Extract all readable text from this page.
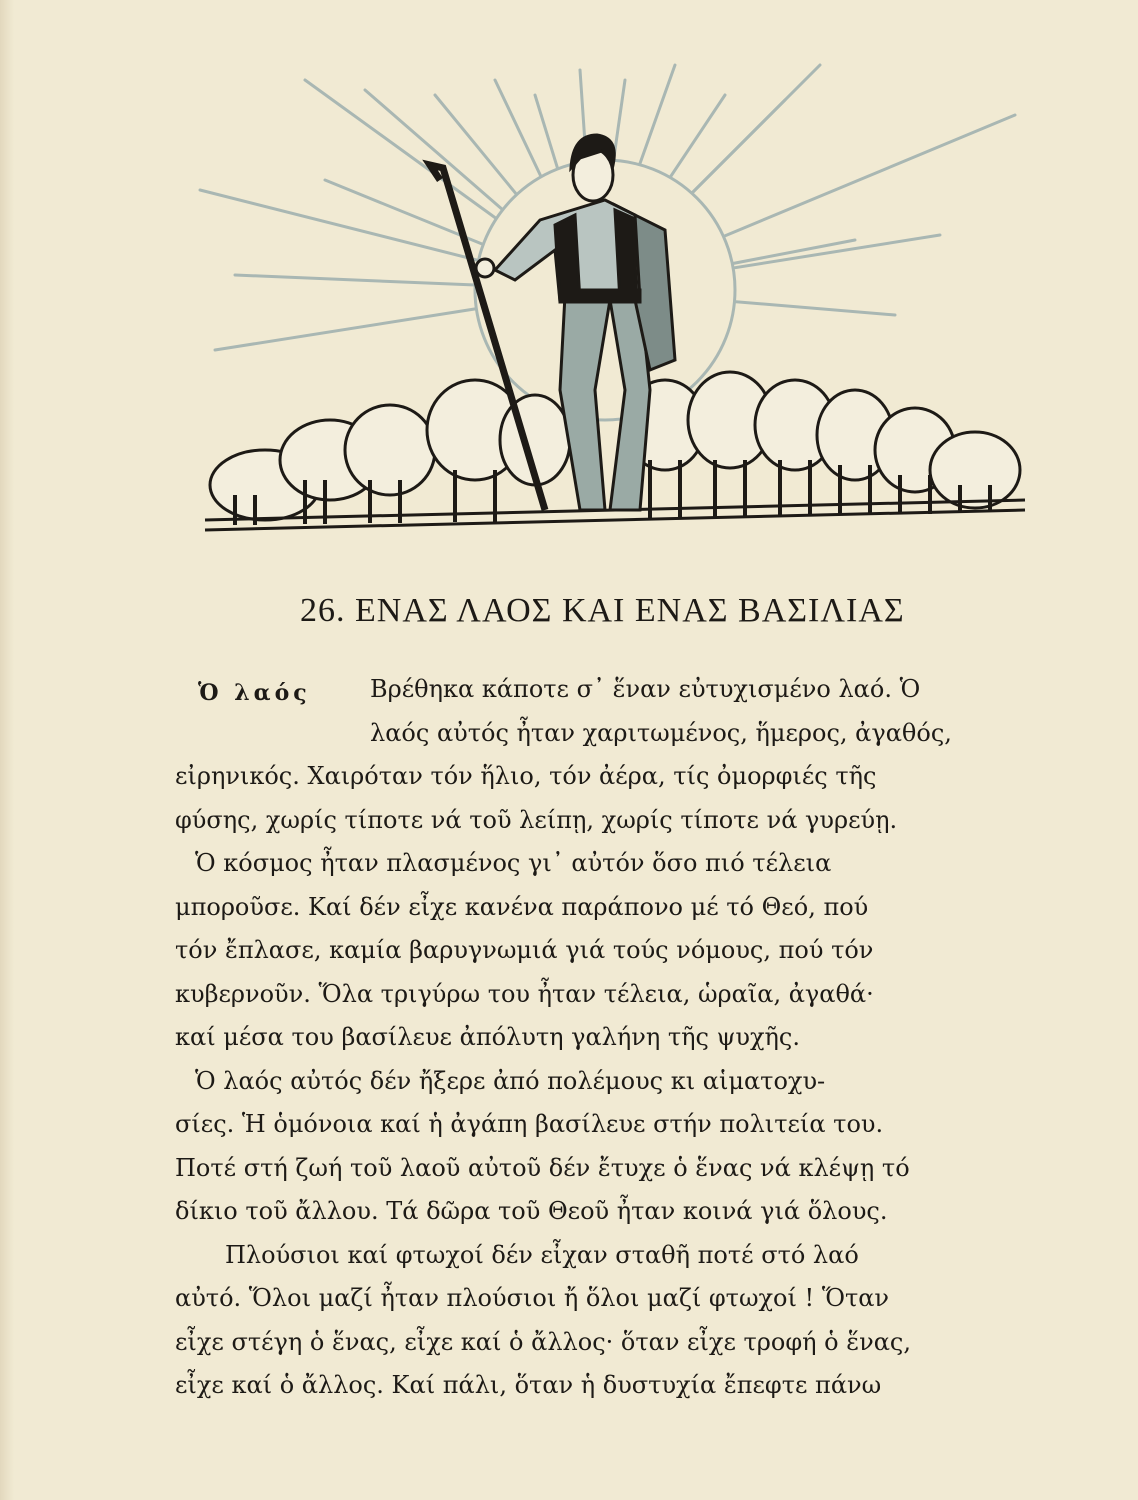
26. ΕΝΑΣ ΛΑΟΣ ΚΑΙ ΕΝΑΣ ΒΑΣΙΛΙΑΣ
Ὁ λαός	Βρέθηκα κάποτε σ᾿ ἕναν εὐτυχισμένο λαό. Ὁ
λαός αὐτός ἦταν χαριτωμένος, ἥμερος, ἀγαθός,
εἰρηνικός. Χαιρόταν τόν ἥλιο, τόν ἀέρα, τίς ὀμορφιές τῆς
φύσης, χωρίς τίποτε νά τοῦ λείπῃ, χωρίς τίποτε νά γυρεύῃ.
Ὁ κόσμος ἦταν πλασμένος γι᾿ αὐτόν ὅσο πιό τέλεια
μποροῦσε. Καί δέν εἶχε κανένα παράπονο μέ τό Θεό, πού
τόν ἔπλασε, καμία βαρυγνωμιά γιά τούς νόμους, πού τόν
κυβερνοῦν. Ὅλα τριγύρω του ἦταν τέλεια, ὡραῖα, ἀγαθά·
καί μέσα του βασίλευε ἀπόλυτη γαλήνη τῆς ψυχῆς.
Ὁ λαός αὐτός δέν ἤξερε ἀπό πολέμους κι αἱματοχυ-
σίες. Ἡ ὁμόνοια καί ἡ ἀγάπη βασίλευε στήν πολιτεία του.
Ποτέ στή ζωή τοῦ λαοῦ αὐτοῦ δέν ἔτυχε ὁ ἕνας νά κλέψῃ τό
δίκιο τοῦ ἄλλου. Τά δῶρα τοῦ Θεοῦ ἦταν κοινά γιά ὅλους.
Πλούσιοι καί φτωχοί δέν εἶχαν σταθῆ ποτέ στό λαό
αὐτό. Ὅλοι μαζί ἦταν πλούσιοι ἤ ὅλοι μαζί φτωχοί ! Ὅταν
εἶχε στέγη ὁ ἕνας, εἶχε καί ὁ ἄλλος· ὅταν εἶχε τροφή ὁ ἕνας,
εἶχε καί ὁ ἄλλος. Καί πάλι, ὅταν ἡ δυστυχία ἔπεφτε πάνω
